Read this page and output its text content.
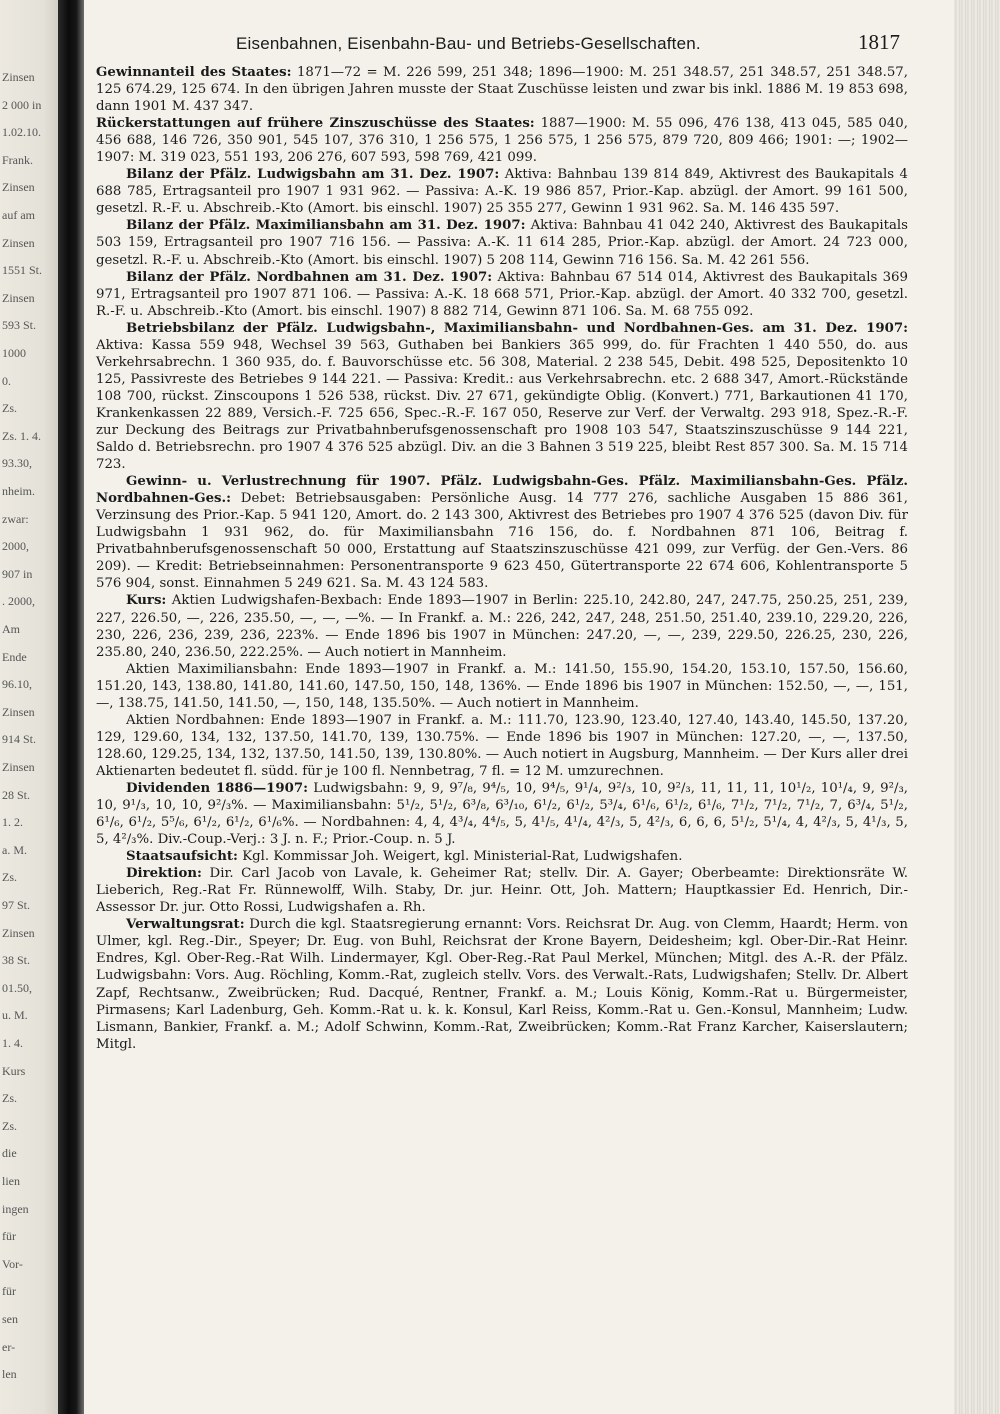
Zinsen
2 000 in
1.02.10.
Frank.
Zinsen
auf am
Zinsen
1551 St.
Zinsen
593 St.
1000
0.
Zs.
Zs. 1. 4.
93.30,
nheim.
zwar:
2000,
907 in
. 2000,
Am
Ende
96.10,
Zinsen
914 St.
Zinsen
28 St.
1. 2.
a. M.
Zs.
97 St.
Zinsen
38 St.
01.50,
u. M.
1. 4.
Kurs
Zs.
Zs.
die
lien
ingen
für
Vor-
für
sen
er-
len
Eisenbahnen, Eisenbahn-Bau- und Betriebs-Gesellschaften.	1817

Gewinnanteil des Staates: 1871—72 = M. 226 599, 251 348; 1896—1900: M. 251 348.57, 251 348.57, 251 348.57, 125 674.29, 125 674. In den übrigen Jahren musste der Staat Zuschüsse leisten und zwar bis inkl. 1886 M. 19 853 698, dann 1901 M. 437 347.

Rückerstattungen auf frühere Zinszuschüsse des Staates: 1887—1900: M. 55 096, 476 138, 413 045, 585 040, 456 688, 146 726, 350 901, 545 107, 376 310, 1 256 575, 1 256 575, 1 256 575, 879 720, 809 466; 1901: —; 1902—1907: M. 319 023, 551 193, 206 276, 607 593, 598 769, 421 099.

Bilanz der Pfälz. Ludwigsbahn am 31. Dez. 1907: Aktiva: Bahnbau 139 814 849, Aktivrest des Baukapitals 4 688 785, Ertragsanteil pro 1907 1 931 962. — Passiva: A.-K. 19 986 857, Prior.-Kap. abzügl. der Amort. 99 161 500, gesetzl. R.-F. u. Abschreib.-Kto (Amort. bis einschl. 1907) 25 355 277, Gewinn 1 931 962. Sa. M. 146 435 597.

Bilanz der Pfälz. Maximiliansbahn am 31. Dez. 1907: Aktiva: Bahnbau 41 042 240, Aktivrest des Baukapitals 503 159, Ertragsanteil pro 1907 716 156. — Passiva: A.-K. 11 614 285, Prior.-Kap. abzügl. der Amort. 24 723 000, gesetzl. R.-F. u. Abschreib.-Kto (Amort. bis einschl. 1907) 5 208 114, Gewinn 716 156. Sa. M. 42 261 556.

Bilanz der Pfälz. Nordbahnen am 31. Dez. 1907: Aktiva: Bahnbau 67 514 014, Aktivrest des Baukapitals 369 971, Ertragsanteil pro 1907 871 106. — Passiva: A.-K. 18 668 571, Prior.-Kap. abzügl. der Amort. 40 332 700, gesetzl. R.-F. u. Abschreib.-Kto (Amort. bis einschl. 1907) 8 882 714, Gewinn 871 106. Sa. M. 68 755 092.

Betriebsbilanz der Pfälz. Ludwigsbahn-, Maximiliansbahn- und Nordbahnen-Ges. am 31. Dez. 1907: Aktiva: Kassa 559 948, Wechsel 39 563, Guthaben bei Bankiers 365 999, do. für Frachten 1 440 550, do. aus Verkehrsabrechn. 1 360 935, do. f. Bauvorschüsse etc. 56 308, Material. 2 238 545, Debit. 498 525, Depositenkto 10 125, Passivreste des Betriebes 9 144 221. — Passiva: Kredit.: aus Verkehrsabrechn. etc. 2 688 347, Amort.-Rückstände 108 700, rückst. Zinscoupons 1 526 538, rückst. Div. 27 671, gekündigte Oblig. (Konvert.) 771, Barkautionen 41 170, Krankenkassen 22 889, Versich.-F. 725 656, Spec.-R.-F. 167 050, Reserve zur Verf. der Verwaltg. 293 918, Spez.-R.-F. zur Deckung des Beitrags zur Privatbahnberufsgenossenschaft pro 1908 103 547, Staatszinszuschüsse 9 144 221, Saldo d. Betriebsrechn. pro 1907 4 376 525 abzügl. Div. an die 3 Bahnen 3 519 225, bleibt Rest 857 300. Sa. M. 15 714 723.

Gewinn- u. Verlustrechnung für 1907. Pfälz. Ludwigsbahn-Ges. Pfälz. Maximiliansbahn-Ges. Pfälz. Nordbahnen-Ges.: Debet: Betriebsausgaben: Persönliche Ausg. 14 777 276, sachliche Ausgaben 15 886 361, Verzinsung des Prior.-Kap. 5 941 120, Amort. do. 2 143 300, Aktivrest des Betriebes pro 1907 4 376 525 (davon Div. für Ludwigsbahn 1 931 962, do. für Maximiliansbahn 716 156, do. f. Nordbahnen 871 106, Beitrag f. Privatbahnberufsgenossenschaft 50 000, Erstattung auf Staatszinszuschüsse 421 099, zur Verfüg. der Gen.-Vers. 86 209). — Kredit: Betriebseinnahmen: Personentransporte 9 623 450, Gütertransporte 22 674 606, Kohlentransporte 5 576 904, sonst. Einnahmen 5 249 621. Sa. M. 43 124 583.

Kurs: Aktien Ludwigshafen-Bexbach: Ende 1893—1907 in Berlin: 225.10, 242.80, 247, 247.75, 250.25, 251, 239, 227, 226.50, —, 226, 235.50, —, —, —%. — In Frankf. a. M.: 226, 242, 247, 248, 251.50, 251.40, 239.10, 229.20, 226, 230, 226, 236, 239, 236, 223%. — Ende 1896 bis 1907 in München: 247.20, —, —, 239, 229.50, 226.25, 230, 226, 235.80, 240, 236.50, 222.25%. — Auch notiert in Mannheim.

Aktien Maximiliansbahn: Ende 1893—1907 in Frankf. a. M.: 141.50, 155.90, 154.20, 153.10, 157.50, 156.60, 151.20, 143, 138.80, 141.80, 141.60, 147.50, 150, 148, 136%. — Ende 1896 bis 1907 in München: 152.50, —, —, 151, —, 138.75, 141.50, 141.50, —, 150, 148, 135.50%. — Auch notiert in Mannheim.

Aktien Nordbahnen: Ende 1893—1907 in Frankf. a. M.: 111.70, 123.90, 123.40, 127.40, 143.40, 145.50, 137.20, 129, 129.60, 134, 132, 137.50, 141.70, 139, 130.75%. — Ende 1896 bis 1907 in München: 127.20, —, —, 137.50, 128.60, 129.25, 134, 132, 137.50, 141.50, 139, 130.80%. — Auch notiert in Augsburg, Mannheim. — Der Kurs aller drei Aktienarten bedeutet fl. südd. für je 100 fl. Nennbetrag, 7 fl. = 12 M. umzurechnen.

Dividenden 1886—1907: Ludwigsbahn: 9, 9, 9⁷/₈, 9⁴/₅, 10, 9⁴/₅, 9¹/₄, 9²/₃, 10, 9²/₃, 11, 11, 11, 10¹/₂, 10¹/₄, 9, 9²/₃, 10, 9¹/₃, 10, 10, 9²/₃%. — Maximiliansbahn: 5¹/₂, 5¹/₂, 6³/₈, 6³/₁₀, 6¹/₂, 6¹/₂, 5³/₄, 6¹/₆, 6¹/₂, 6¹/₆, 7¹/₂, 7¹/₂, 7¹/₂, 7, 6³/₄, 5¹/₂, 6¹/₆, 6¹/₂, 5⁵/₆, 6¹/₂, 6¹/₂, 6¹/₆%. — Nordbahnen: 4, 4, 4³/₄, 4⁴/₅, 5, 4¹/₅, 4¹/₄, 4²/₃, 5, 4²/₃, 6, 6, 6, 5¹/₂, 5¹/₄, 4, 4²/₃, 5, 4¹/₃, 5, 5, 4²/₃%. Div.-Coup.-Verj.: 3 J. n. F.; Prior.-Coup. n. 5 J.

Staatsaufsicht: Kgl. Kommissar Joh. Weigert, kgl. Ministerial-Rat, Ludwigshafen.

Direktion: Dir. Carl Jacob von Lavale, k. Geheimer Rat; stellv. Dir. A. Gayer; Oberbeamte: Direktionsräte W. Lieberich, Reg.-Rat Fr. Rünnewolff, Wilh. Staby, Dr. jur. Heinr. Ott, Joh. Mattern; Hauptkassier Ed. Henrich, Dir.-Assessor Dr. jur. Otto Rossi, Ludwigshafen a. Rh.

Verwaltungsrat: Durch die kgl. Staatsregierung ernannt: Vors. Reichsrat Dr. Aug. von Clemm, Haardt; Herm. von Ulmer, kgl. Reg.-Dir., Speyer; Dr. Eug. von Buhl, Reichsrat der Krone Bayern, Deidesheim; kgl. Ober-Dir.-Rat Heinr. Endres, Kgl. Ober-Reg.-Rat Wilh. Lindermayer, Kgl. Ober-Reg.-Rat Paul Merkel, München; Mitgl. des A.-R. der Pfälz. Ludwigsbahn: Vors. Aug. Röchling, Komm.-Rat, zugleich stellv. Vors. des Verwalt.-Rats, Ludwigshafen; Stellv. Dr. Albert Zapf, Rechtsanw., Zweibrücken; Rud. Dacqué, Rentner, Frankf. a. M.; Louis König, Komm.-Rat u. Bürgermeister, Pirmasens; Karl Ladenburg, Geh. Komm.-Rat u. k. k. Konsul, Karl Reiss, Komm.-Rat u. Gen.-Konsul, Mannheim; Ludw. Lismann, Bankier, Frankf. a. M.; Adolf Schwinn, Komm.-Rat, Zweibrücken; Komm.-Rat Franz Karcher, Kaiserslautern; Mitgl.
